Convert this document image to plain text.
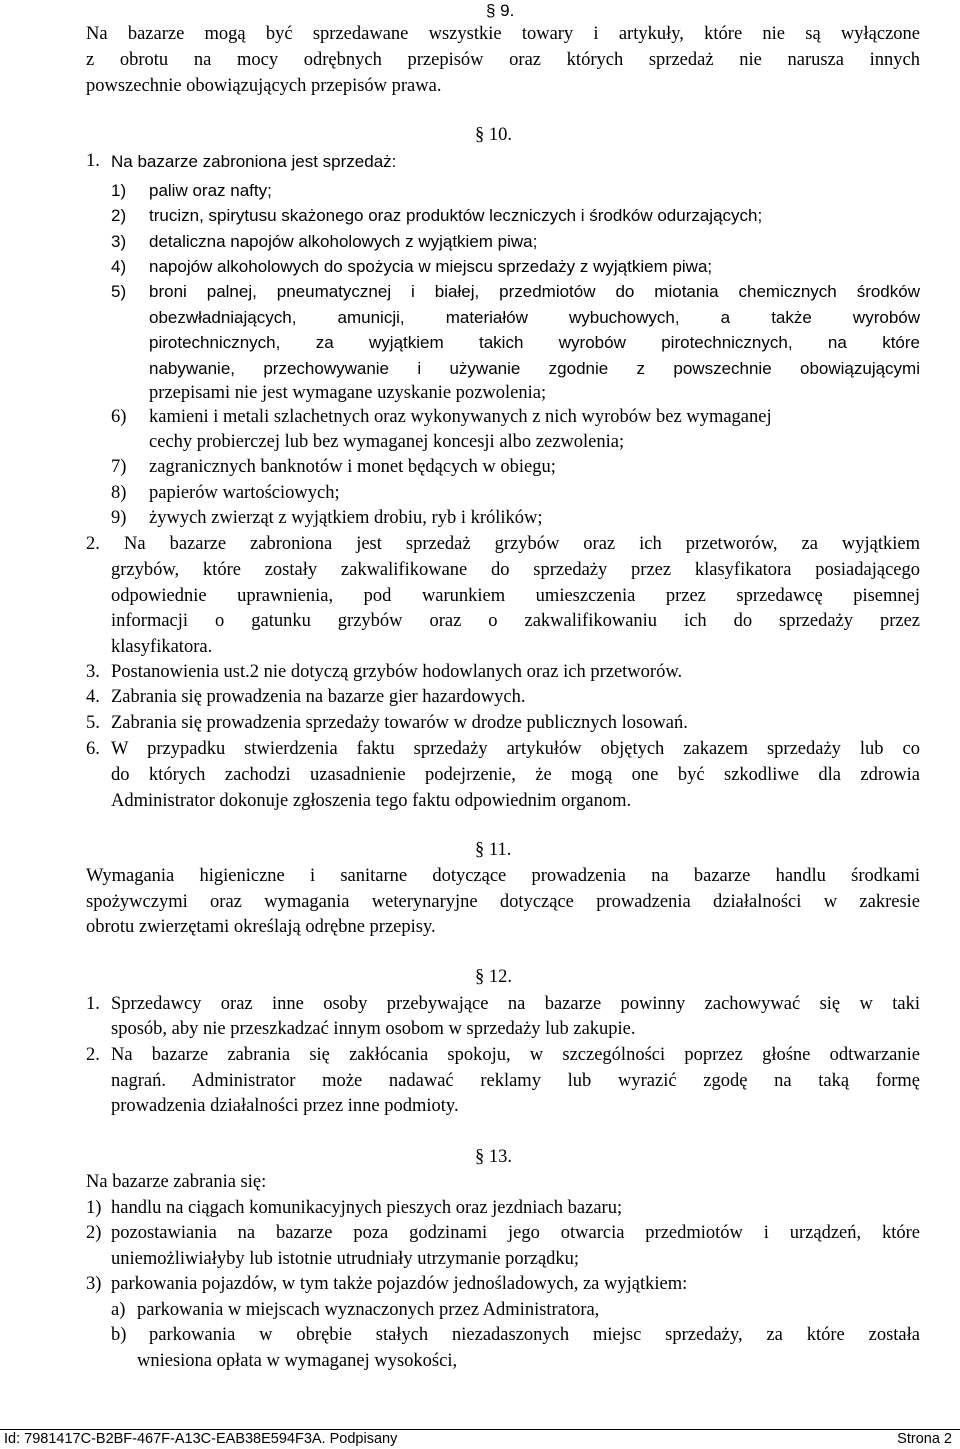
§ 9.
Na bazarze mogą być sprzedawane wszystkie towary i artykuły, które nie są wyłączone
z obrotu na mocy odrębnych przepisów oraz których sprzedaż nie narusza innych
powszechnie obowiązujących przepisów prawa.
§ 10.
1. Na bazarze zabroniona jest sprzedaż:
1) paliw oraz nafty;
2) trucizn, spirytusu skażonego oraz produktów leczniczych i środków odurzających;
3) detaliczna napojów alkoholowych z wyjątkiem piwa;
4) napojów alkoholowych do spożycia w miejscu sprzedaży z wyjątkiem piwa;
5) broni palnej, pneumatycznej i białej, przedmiotów do miotania chemicznych środków
obezwładniających, amunicji, materiałów wybuchowych, a także wyrobów
pirotechnicznych, za wyjątkiem takich wyrobów pirotechnicznych, na które
nabywanie, przechowywanie i używanie zgodnie z powszechnie obowiązującymi
przepisami nie jest wymagane uzyskanie pozwolenia;
6) kamieni i metali szlachetnych oraz wykonywanych z nich wyrobów bez wymaganej
cechy probierczej lub bez wymaganej koncesji albo zezwolenia;
7) zagranicznych banknotów i monet będących w obiegu;
8) papierów wartościowych;
9) żywych zwierząt z wyjątkiem drobiu, ryb i królików;
2. Na bazarze zabroniona jest sprzedaż grzybów oraz ich przetworów, za wyjątkiem
grzybów, które zostały zakwalifikowane do sprzedaży przez klasyfikatora posiadającego
odpowiednie uprawnienia, pod warunkiem umieszczenia przez sprzedawcę pisemnej
informacji o gatunku grzybów oraz o zakwalifikowaniu ich do sprzedaży przez
klasyfikatora.
3. Postanowienia ust.2 nie dotyczą grzybów hodowlanych oraz ich przetworów.
4. Zabrania się prowadzenia na bazarze gier hazardowych.
5. Zabrania się prowadzenia sprzedaży towarów w drodze publicznych losowań.
6. W przypadku stwierdzenia faktu sprzedaży artykułów objętych zakazem sprzedaży lub co
do których zachodzi uzasadnienie podejrzenie, że mogą one być szkodliwe dla zdrowia
Administrator dokonuje zgłoszenia tego faktu odpowiednim organom.
§ 11.
Wymagania higieniczne i sanitarne dotyczące prowadzenia na bazarze handlu środkami
spożywczymi oraz wymagania weterynaryjne dotyczące prowadzenia działalności w zakresie
obrotu zwierzętami określają odrębne przepisy.
§ 12.
1. Sprzedawcy oraz inne osoby przebywające na bazarze powinny zachowywać się w taki
sposób, aby nie przeszkadzać innym osobom w sprzedaży lub zakupie.
2. Na bazarze zabrania się zakłócania spokoju, w szczególności poprzez głośne odtwarzanie
nagrań. Administrator może nadawać reklamy lub wyrazić zgodę na taką formę
prowadzenia działalności przez inne podmioty.
§ 13.
Na bazarze zabrania się:
1) handlu na ciągach komunikacyjnych pieszych oraz jezdniach bazaru;
2) pozostawiania na bazarze poza godzinami jego otwarcia przedmiotów i urządzeń, które
uniemożliwiałyby lub istotnie utrudniały utrzymanie porządku;
3) parkowania pojazdów, w tym także pojazdów jednośladowych, za wyjątkiem:
a) parkowania w miejscach wyznaczonych przez Administratora,
b) parkowania w obrębie stałych niezadaszonych miejsc sprzedaży, za które została
wniesiona opłata w wymaganej wysokości,
Id: 7981417C-B2BF-467F-A13C-EAB38E594F3A. Podpisany	Strona 2
